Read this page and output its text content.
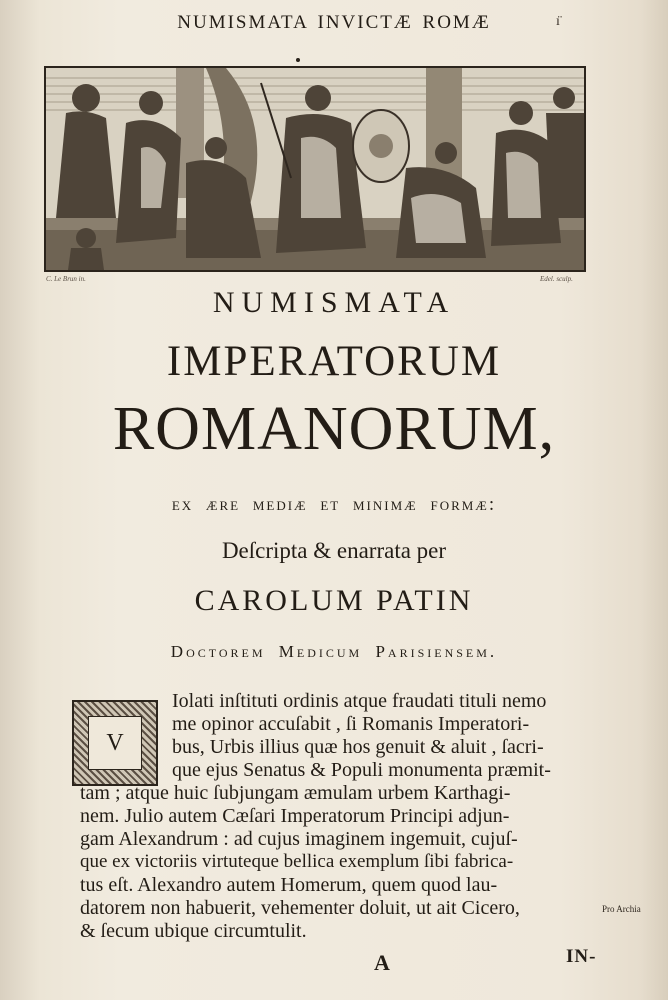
NUMISMATA INVICTÆ ROMÆ	ı̈
C. Le Brun in.	Edel. sculp.
NUMISMATA
IMPERATORUM
ROMANORUM,
ex ære mediæ et minimæ formæ:
Deſcripta & enarrata per
CAROLUM PATIN
Doctorem Medicum Parisiensem.
V
Iolati inſtituti ordinis atque fraudati tituli nemo
me opinor accuſabit , ſi Romanis Imperatori-
bus, Urbis illius quæ hos genuit & aluit , ſacri-
que ejus Senatus & Populi monumenta præmit-
tam ; atque huic ſubjungam æmulam urbem Karthagi-
nem. Julio autem Cæſari Imperatorum Principi adjun-
gam Alexandrum : ad cujus imaginem ingemuit, cujuſ-
que ex victoriis virtuteque bellica exemplum ſibi fabrica-
tus eſt. Alexandro autem Homerum, quem quod lau-
datorem non habuerit, vehementer doluit, ut ait Cicero,
& ſecum ubique circumtulit.
Pro Archia
A	IN-
